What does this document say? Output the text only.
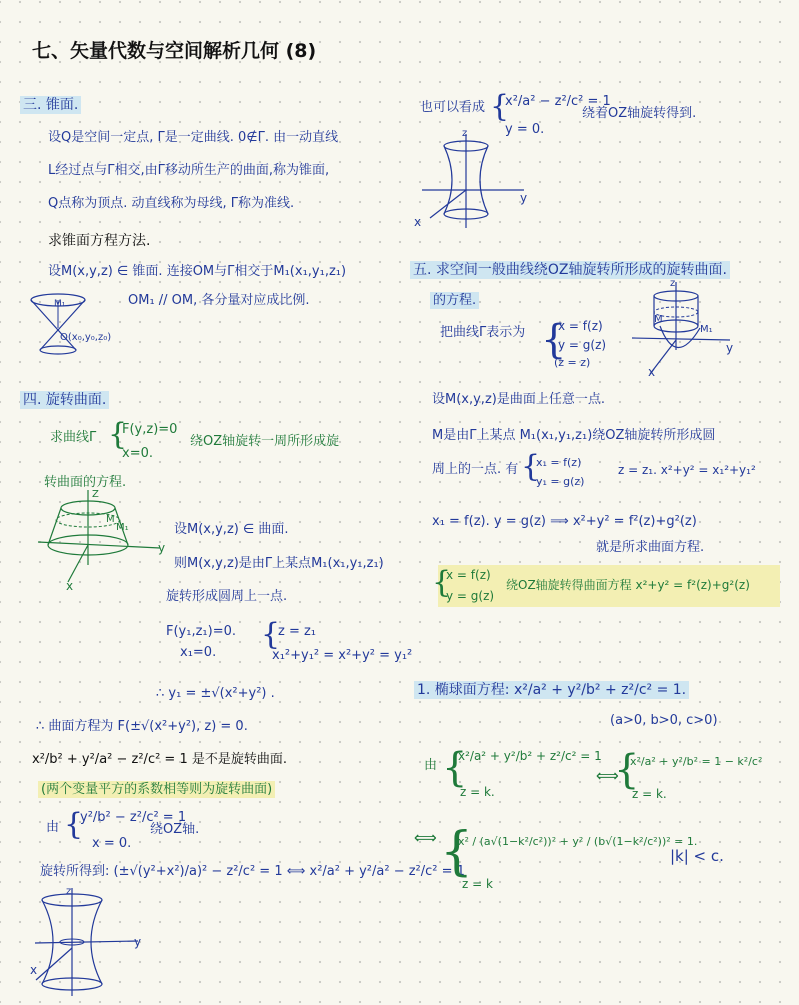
七、矢量代数与空间解析几何 (8)
三. 锥面.
设Q是空间一定点, Γ是一定曲线. 0∉Γ. 由一动直线
L经过点与Γ相交,由Γ移动所生产的曲面,称为锥面,
Q点称为顶点. 动直线称为母线, Γ称为准线.
求锥面方程方法.
设M(x,y,z) ∈ 锥面. 连接OM与Γ相交于M₁(x₁,y₁,z₁)
OM₁ // OM, 各分量对应成比例.
M₁
O(x₀,y₀,z₀)
四. 旋转曲面.
求曲线Γ {
F(y,z)=0
x=0.
绕OZ轴旋转一周所形成旋
转曲面的方程.
Z
M
M₁
y
x
设M(x,y,z) ∈ 曲面.
则M(x,y,z)是由Γ上某点M₁(x₁,y₁,z₁)
旋转形成圆周上一点.
F(y₁,z₁)=0.
x₁=0.
{
z = z₁
x₁²+y₁² = x²+y² = y₁²
∴ y₁ = ±√(x²+y²) .
∴ 曲面方程为 F(±√(x²+y²), z) = 0.
x²/b² + y²/a² − z²/c² = 1 是不是旋转曲面.
(两个变量平方的系数相等则为旋转曲面)
由 {
y²/b² − z²/c² = 1
x = 0.
绕OZ轴.
旋转所得到: (±√(y²+x²)/a)² − z²/c² = 1 ⟺ x²/a² + y²/a² − z²/c² = 1
z
y
x
也可以看成 {
x²/a² − z²/c² = 1
y = 0.
绕着OZ轴旋转得到.
z
y
x
五. 求空间一般曲线绕OZ轴旋转所形成的旋转曲面.
的方程.
把曲线Γ表示为 {
x = f(z)
y = g(z)
(z = z)
z
M
M₁
y
x
设M(x,y,z)是曲面上任意一点.
M是由Γ上某点 M₁(x₁,y₁,z₁)绕OZ轴旋转所形成圆
周上的一点. 有 {
x₁ = f(z)
y₁ = g(z)
z = z₁. x²+y² = x₁²+y₁²
x₁ = f(z). y = g(z) ⟹ x²+y² = f²(z)+g²(z)
就是所求曲面方程.
{
x = f(z)
y = g(z)
绕OZ轴旋转得曲面方程 x²+y² = f²(z)+g²(z)
1. 椭球面方程: x²/a² + y²/b² + z²/c² = 1.
(a>0, b>0, c>0)
由 {
x²/a² + y²/b² + z²/c² = 1
z = k.
⟺
{
x²/a² + y²/b² = 1 − k²/c²
z = k.
⟺ {
x² / (a√(1−k²/c²))² + y² / (b√(1−k²/c²))² = 1.
z = k
|k| < c.
